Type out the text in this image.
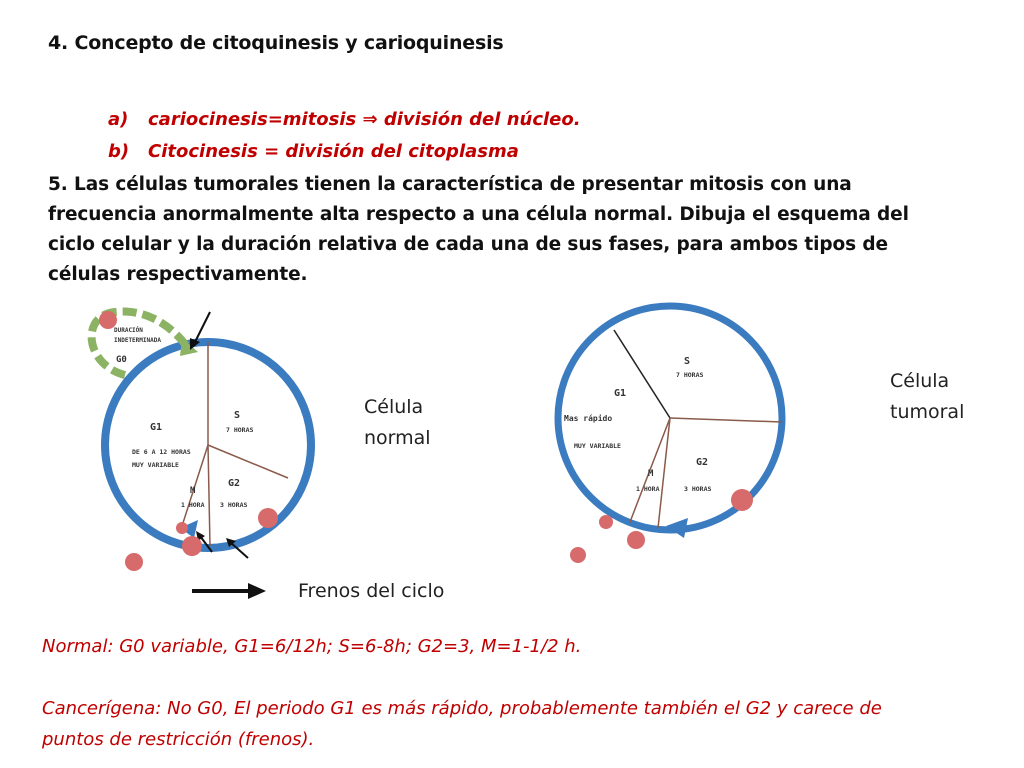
4. Concepto de citoquinesis y carioquinesis
a) cariocinesis=mitosis ⇒ división del núcleo.
b) Citocinesis = división del citoplasma
5. Las células tumorales tienen la característica de presentar mitosis con una
frecuencia anormalmente alta respecto a una célula normal. Dibuja el esquema del
ciclo celular y la duración relativa de cada una de sus fases, para ambos tipos de
células respectivamente.
DURACIÓN
INDETERMINADA
G0
G1
DE 6 A 12 HORAS
MUY VARIABLE
S
7 HORAS
G2
3 HORAS
M
1 HORA
Célula
normal
S
7 HORAS
G1
Mas rápido
MUY VARIABLE
G2
3 HORAS
M
1 HORA
Célula
tumoral
Frenos del ciclo
Normal: G0 variable, G1=6/12h; S=6-8h; G2=3, M=1-1/2 h.
Cancerígena: No G0, El periodo G1 es más rápido, probablemente también el G2 y carece de
puntos de restricción (frenos).
